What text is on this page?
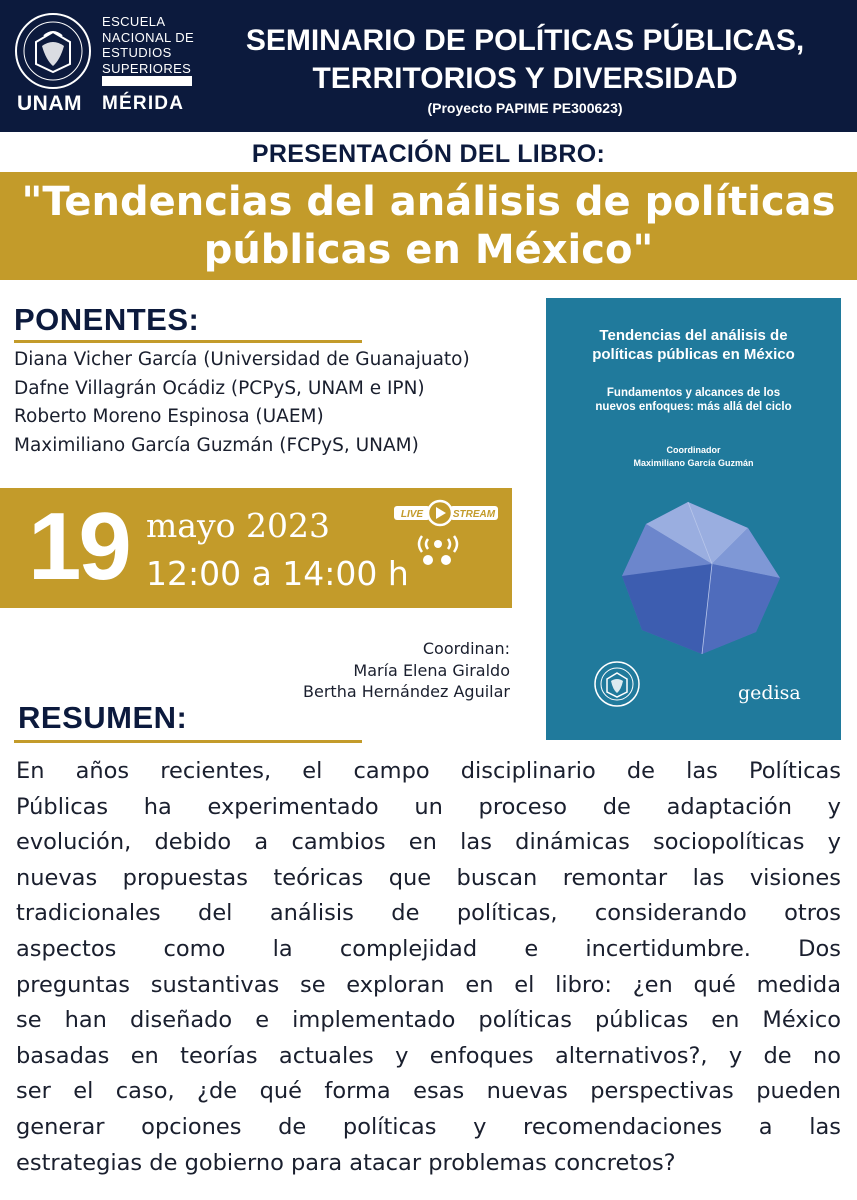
UNAM
ESCUELA
NACIONAL DE
ESTUDIOS
SUPERIORES
MÉRIDA
SEMINARIO DE POLÍTICAS PÚBLICAS,
TERRITORIOS Y DIVERSIDAD
(Proyecto PAPIME PE300623)
PRESENTACIÓN DEL LIBRO:
"Tendencias del análisis de políticas
públicas en México"
PONENTES:
Diana Vicher García (Universidad de Guanajuato)
Dafne Villagrán Ocádiz (PCPyS, UNAM e IPN)
Roberto Moreno Espinosa (UAEM)
Maximiliano García Guzmán (FCPyS, UNAM)
19 mayo 2023
12:00 a 14:00 h
LIVE	STREAM
Coordinan:
María Elena Giraldo
Bertha Hernández Aguilar
Tendencias del análisis de
políticas públicas en México
Fundamentos y alcances de los
nuevos enfoques: más allá del ciclo
Coordinador
Maximiliano García Guzmán
gedisa
RESUMEN:
En años recientes, el campo disciplinario de las Políticas
Públicas ha experimentado un proceso de adaptación y
evolución, debido a cambios en las dinámicas sociopolíticas y
nuevas propuestas teóricas que buscan remontar las visiones
tradicionales del análisis de políticas, considerando otros
aspectos como la complejidad e incertidumbre. Dos
preguntas sustantivas se exploran en el libro: ¿en qué medida
se han diseñado e implementado políticas públicas en México
basadas en teorías actuales y enfoques alternativos?, y de no
ser el caso, ¿de qué forma esas nuevas perspectivas pueden
generar opciones de políticas y recomendaciones a las
estrategias de gobierno para atacar problemas concretos?
